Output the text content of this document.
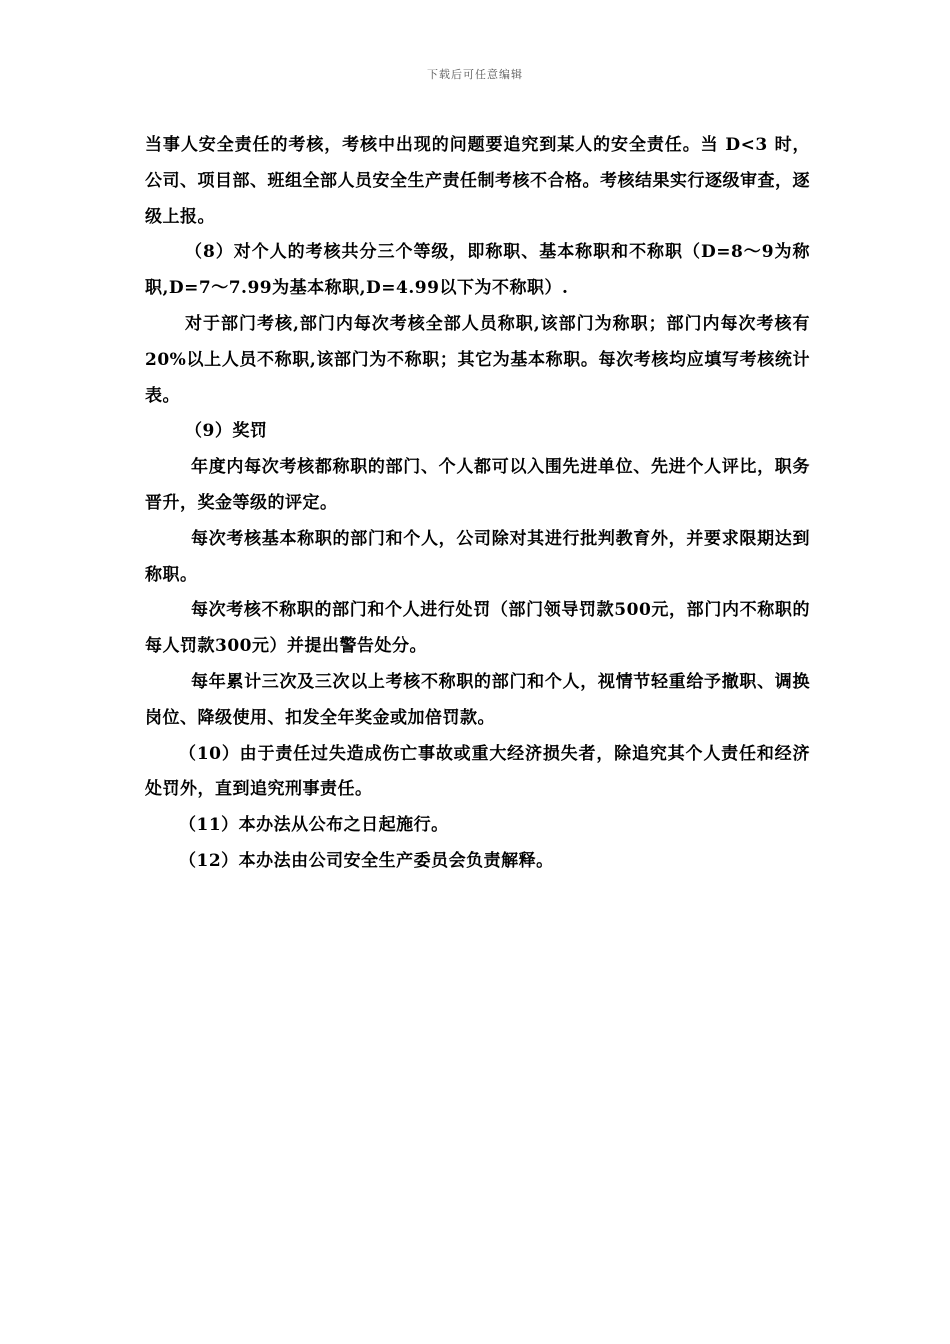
下载后可任意编辑

当事人安全责任的考核，考核中出现的问题要追究到某人的安全责任。当 D<3 时，公司、项目部、班组全部人员安全生产责任制考核不合格。考核结果实行逐级审查，逐级上报。

（8）对个人的考核共分三个等级，即称职、基本称职和不称职（D=8～9为称职,D=7～7.99为基本称职,D=4.99以下为不称职）.

对于部门考核,部门内每次考核全部人员称职,该部门为称职；部门内每次考核有20%以上人员不称职,该部门为不称职；其它为基本称职。每次考核均应填写考核统计表。

（9）奖罚

年度内每次考核都称职的部门、个人都可以入围先进单位、先进个人评比，职务晋升，奖金等级的评定。

每次考核基本称职的部门和个人，公司除对其进行批判教育外，并要求限期达到称职。

每次考核不称职的部门和个人进行处罚（部门领导罚款500元，部门内不称职的每人罚款300元）并提出警告处分。

每年累计三次及三次以上考核不称职的部门和个人，视情节轻重给予撤职、调换岗位、降级使用、扣发全年奖金或加倍罚款。

（10）由于责任过失造成伤亡事故或重大经济损失者，除追究其个人责任和经济处罚外，直到追究刑事责任。

（11）本办法从公布之日起施行。

（12）本办法由公司安全生产委员会负责解释。
